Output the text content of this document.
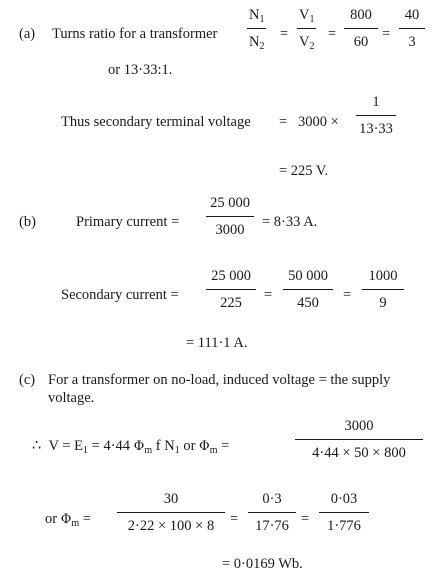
(a) Turns ratio for a transformer
$N_1$
$N_2$
=
$V_1$
$V_2$
=
800
60 =
40
3
or 13·33:1.
Thus secondary terminal voltage = 3000 ×
1
13·33
= 225 V.
(b)	Primary current =
25 000
3000	= 8·33 A.
Secondary current =
25 000
225	=
50 000
450	=
1000
9
= 111·1 A.
(c) For a transformer on no-load, induced voltage = the supply
voltage.
∴ $V = E_1 = 4\cdot 44$ $\Phi_m$ f $N_1$ or $\Phi_m$ =
3000
4·44 × 50 × 800
or $\Phi_m$ =
30
2·22 × 100 × 8	=
0·3
17·76 =
0·03
1·776
= 0·0169 Wb.
